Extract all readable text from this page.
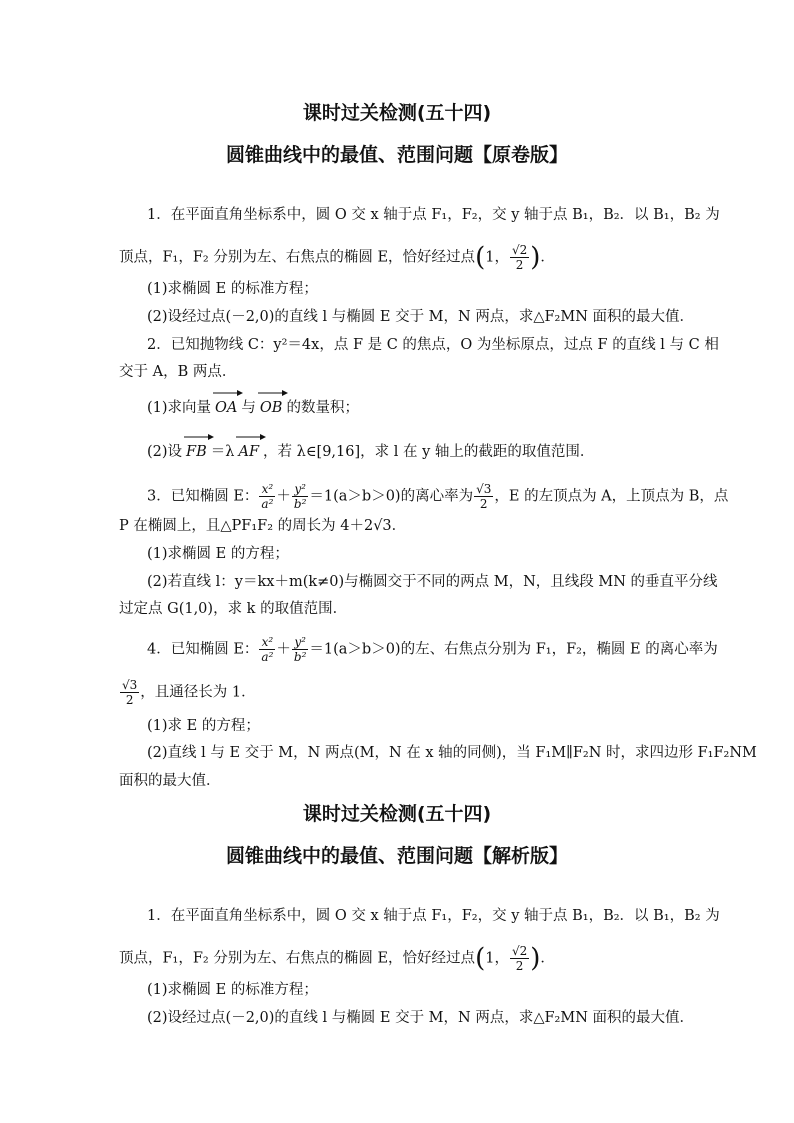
课时过关检测(五十四)
圆锥曲线中的最值、范围问题【原卷版】
1．在平面直角坐标系中，圆 O 交 x 轴于点 F₁，F₂，交 y 轴于点 B₁，B₂．以 B₁，B₂ 为
顶点，F₁，F₂ 分别为左、右焦点的椭圆 E，恰好经过点(1， $\frac{√2}{2}$ )．
(1)求椭圆 E 的标准方程；
(2)设经过点(－2,0)的直线 l 与椭圆 E 交于 M，N 两点，求△F₂MN 面积的最大值．
2．已知抛物线 C：y²＝4x，点 F 是 C 的焦点，O 为坐标原点，过点 F 的直线 l 与 C 相
交于 A，B 两点．
(1)求向量 OA 与 OB 的数量积；
(2)设 FB ＝λ AF ，若 λ∈[9,16]，求 l 在 y 轴上的截距的取值范围．
3．已知椭圆 E： $\frac{\text{x²}}{\text{a²}} + \frac{\text{y²}}{\text{b²}} =1(a>b>0)$的离心率为 $\frac{√3}{2}$ ，E 的左顶点为 A，上顶点为 B，点
P 在椭圆上，且△PF₁F₂ 的周长为 4＋2√3．
(1)求椭圆 E 的方程；
(2)若直线 l：y＝kx＋m(k≠0)与椭圆交于不同的两点 M，N，且线段 MN 的垂直平分线
过定点 G(1,0)，求 k 的取值范围．
4．已知椭圆 E： $\frac{\text{x²}}{\text{a²}} + \frac{\text{y²}}{\text{b²}} =1(a>b>0)$的左、右焦点分别为 F₁，F₂，椭圆 E 的离心率为
$\frac{√3}{2}$ ，且通径长为 1．
(1)求 E 的方程；
(2)直线 l 与 E 交于 M，N 两点(M，N 在 x 轴的同侧)，当 F₁M∥F₂N 时，求四边形 F₁F₂NM
面积的最大值．
课时过关检测(五十四)
圆锥曲线中的最值、范围问题【解析版】
1．在平面直角坐标系中，圆 O 交 x 轴于点 F₁，F₂，交 y 轴于点 B₁，B₂．以 B₁，B₂ 为
顶点，F₁，F₂ 分别为左、右焦点的椭圆 E，恰好经过点(1， $\frac{√2}{2}$ )．
(1)求椭圆 E 的标准方程；
(2)设经过点(－2,0)的直线 l 与椭圆 E 交于 M，N 两点，求△F₂MN 面积的最大值．
